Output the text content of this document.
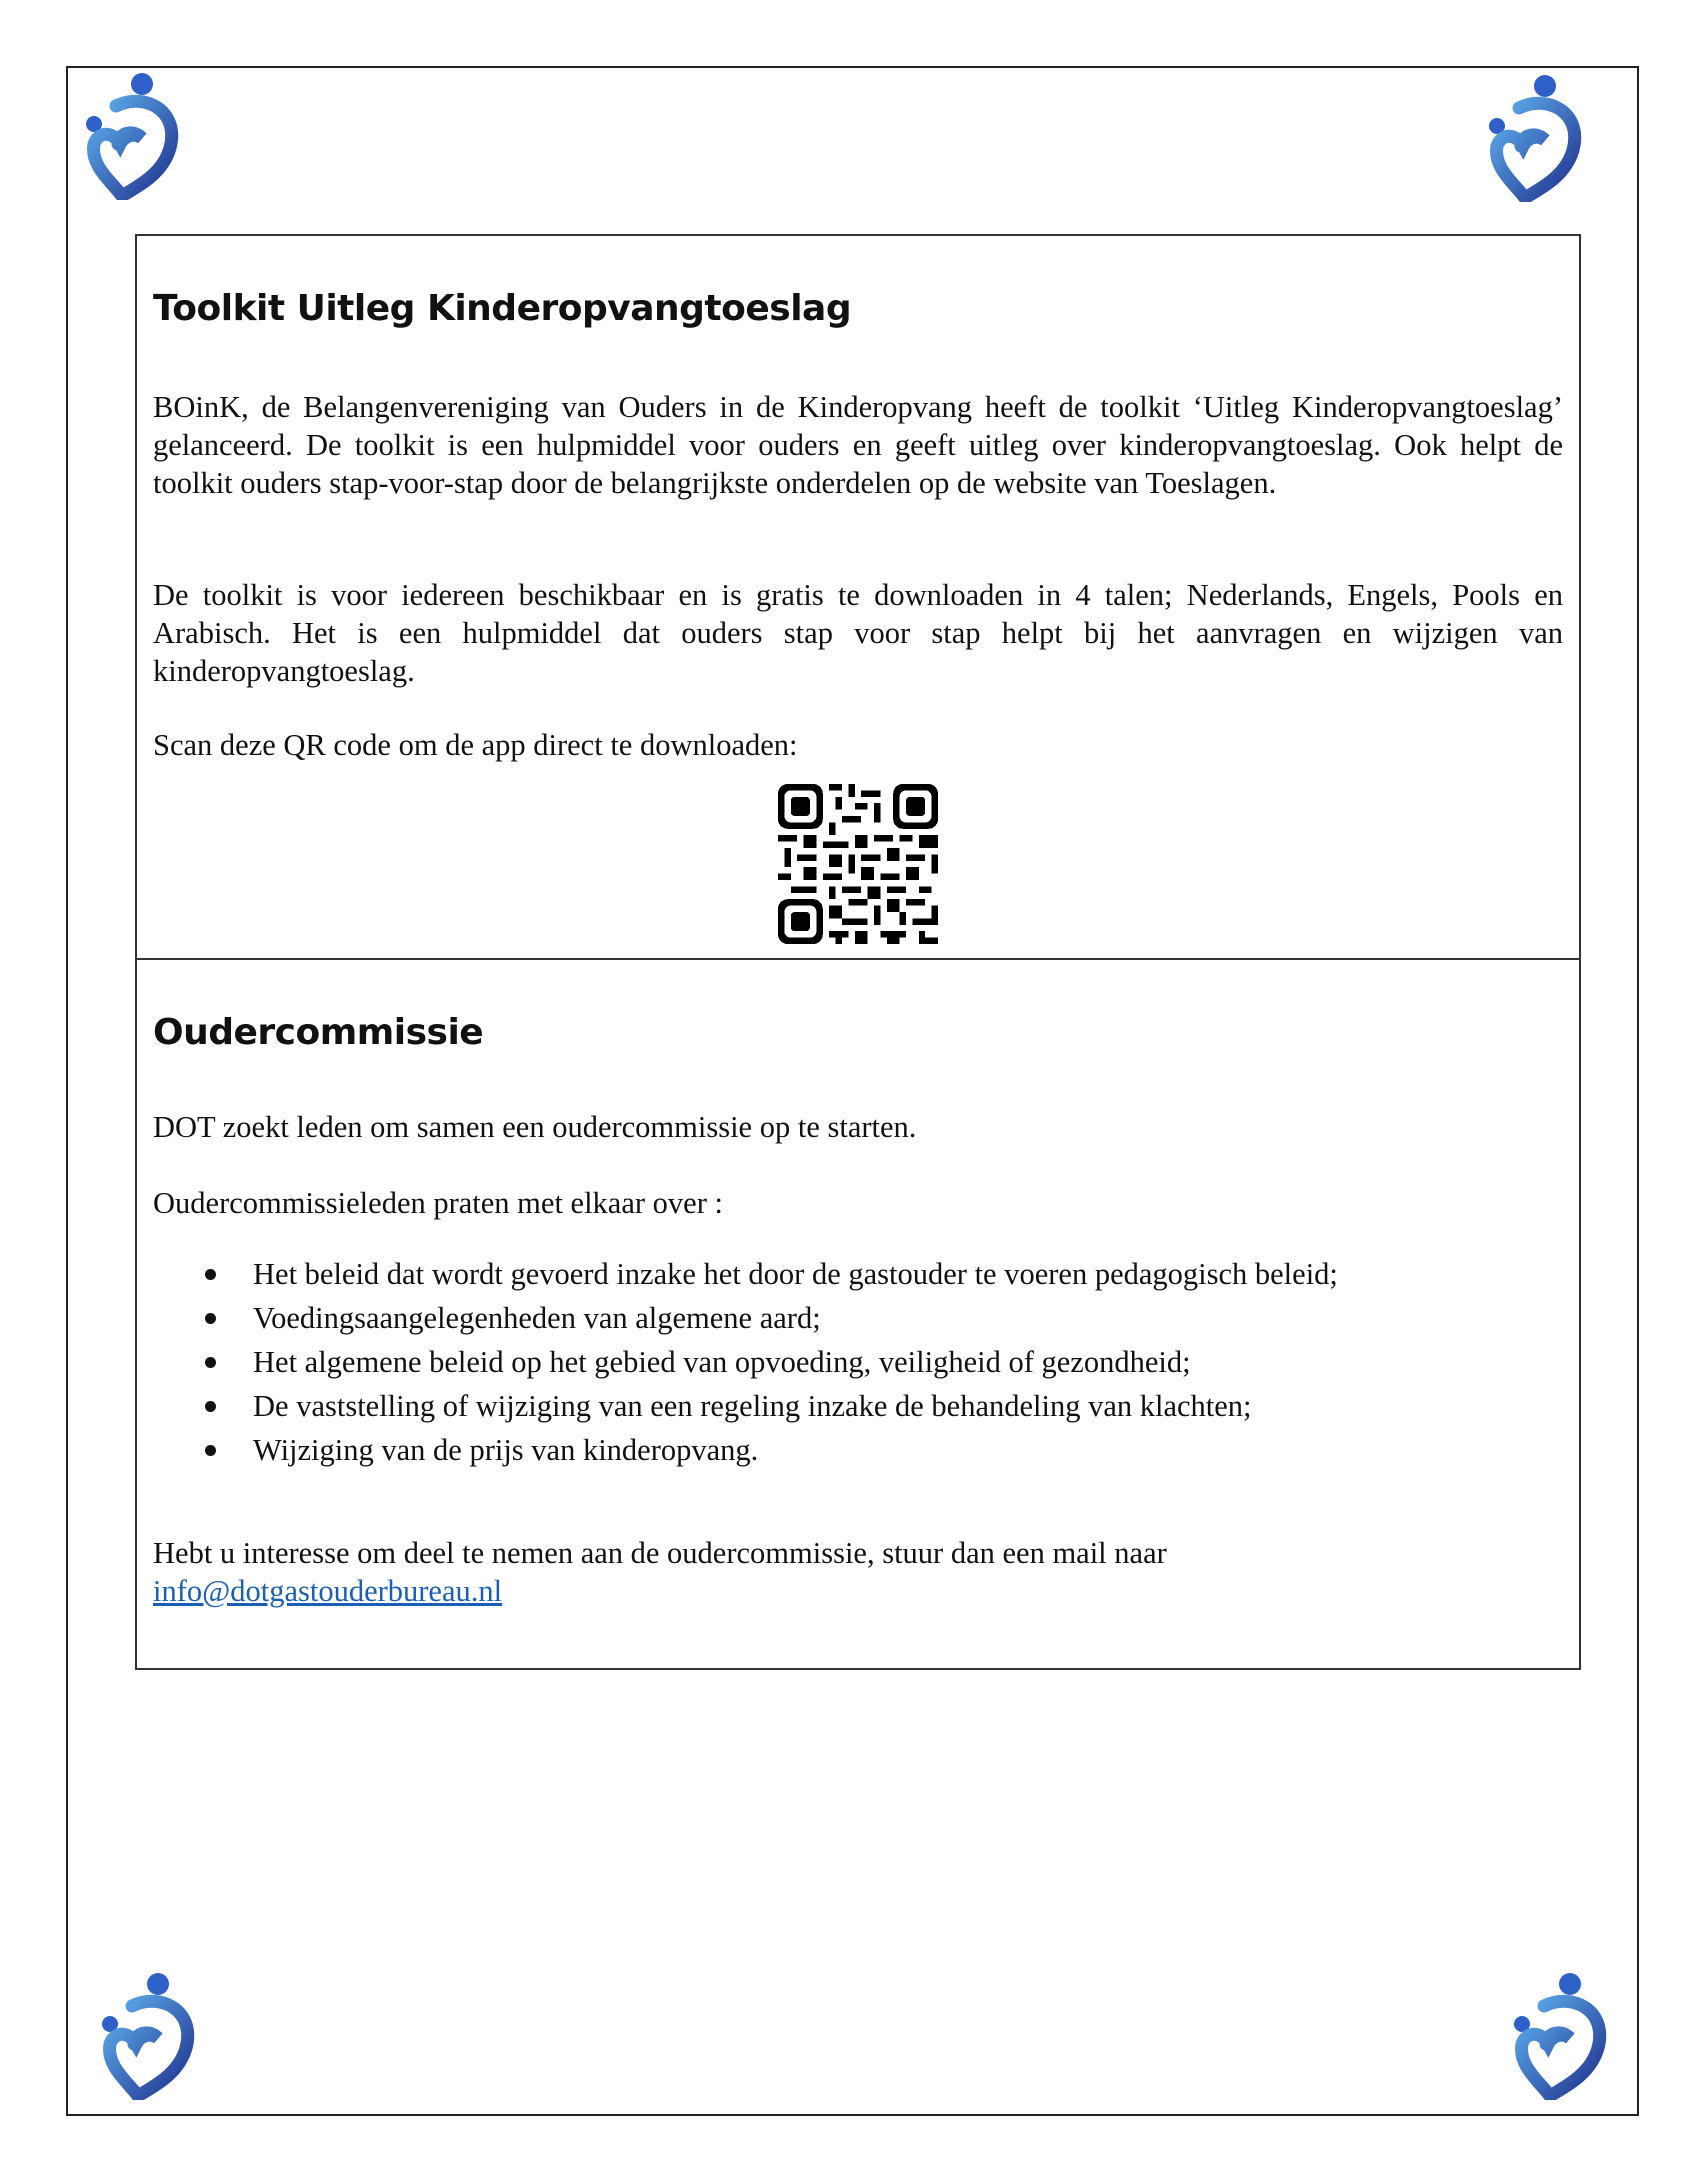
Toolkit Uitleg Kinderopvangtoeslag

BOinK, de Belangenvereniging van Ouders in de Kinderopvang heeft de toolkit ‘Uitleg Kinderopvangtoeslag’ gelanceerd. De toolkit is een hulpmiddel voor ouders en geeft uitleg over kinderopvangtoeslag. Ook helpt de toolkit ouders stap-voor-stap door de belangrijkste onderdelen op de website van Toeslagen.

De toolkit is voor iedereen beschikbaar en is gratis te downloaden in 4 talen; Nederlands, Engels, Pools en Arabisch. Het is een hulpmiddel dat ouders stap voor stap helpt bij het aanvragen en wijzigen van kinderopvangtoeslag.

Scan deze QR code om de app direct te downloaden:

Oudercommissie

DOT zoekt leden om samen een oudercommissie op te starten.

Oudercommissieleden praten met elkaar over :

Het beleid dat wordt gevoerd inzake het door de gastouder te voeren pedagogisch beleid;
Voedingsaangelegenheden van algemene aard;
Het algemene beleid op het gebied van opvoeding, veiligheid of gezondheid;
De vaststelling of wijziging van een regeling inzake de behandeling van klachten;
Wijziging van de prijs van kinderopvang.

Hebt u interesse om deel te nemen aan de oudercommissie, stuur dan een mail naar
info@dotgastouderbureau.nl
